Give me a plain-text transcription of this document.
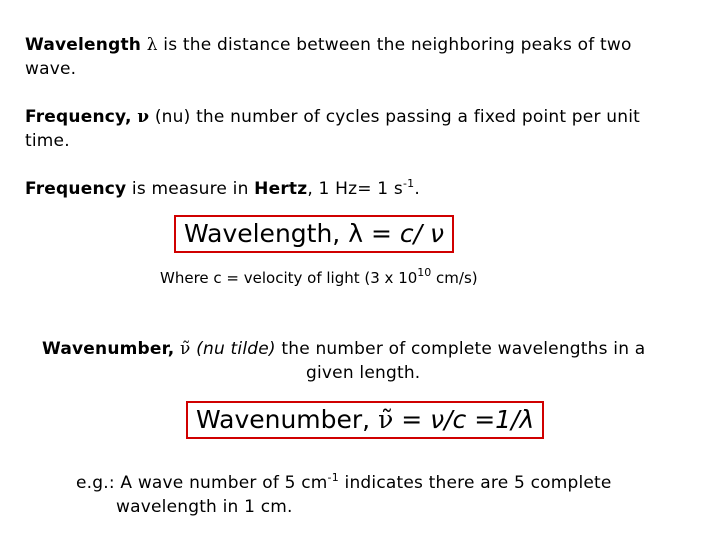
Wavelength λ is the distance between the neighboring peaks of two
wave.
Frequency, ν (nu) the number of cycles passing a fixed point per unit
time.
Frequency is measure in Hertz, 1 Hz= 1 $s^{-1}$.
Wavelength, λ = c/ ν
Where c = velocity of light (3 x $10^{10}$ cm/s)
Wavenumber, ν̃ (nu tilde) the number of complete wavelengths in a
given length.
Wavenumber, ν̃ = ν/c =1/λ
e.g.: A wave number of 5 $cm^{-1}$ indicates there are 5 complete
wavelength in 1 cm.
